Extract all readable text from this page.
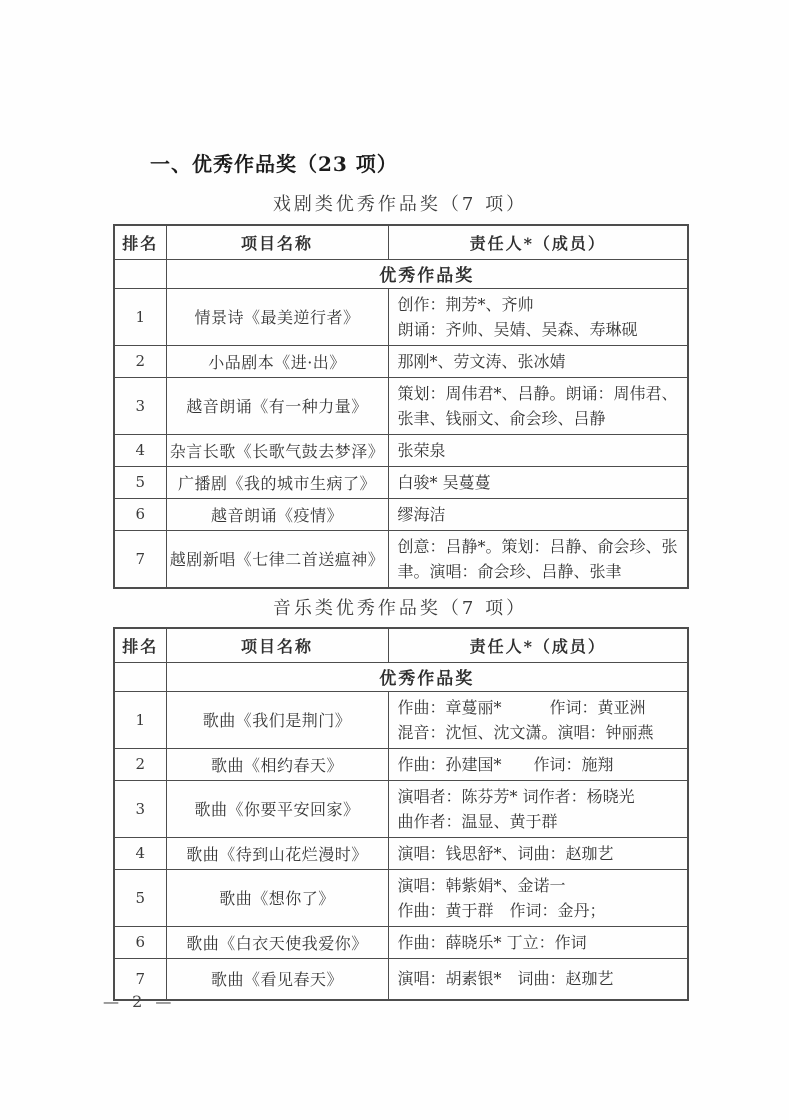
一、优秀作品奖（23 项）
戏剧类优秀作品奖（7 项）
排名	项目名称	责任人*（成员）
	优秀作品奖	
1	情景诗《最美逆行者》	创作：荆芳*、齐帅
朗诵：齐帅、吴婧、吴森、寿琳砚

2	小品剧本《进·出》	那刚*、劳文涛、张冰婧

3	越音朗诵《有一种力量》	策划：周伟君*、吕静。朗诵：周伟君、张聿、钱丽文、俞会珍、吕静

4	杂言长歌《长歌气鼓去梦泽》	张荣泉

5	广播剧《我的城市生病了》	白骏* 吴蔓蔓

6	越音朗诵《疫情》	缪海洁

7	越剧新唱《七律二首送瘟神》	创意：吕静*。策划：吕静、俞会珍、张聿。演唱：俞会珍、吕静、张聿
音乐类优秀作品奖（7 项）
排名	项目名称	责任人*（成员）
	优秀作品奖	
1	歌曲《我们是荆门》	作曲：章蔓丽*　　　作词：黄亚洲
混音：沈恒、沈文潇。演唱：钟丽燕

2	歌曲《相约春天》	作曲：孙建国*　　作词：施翔

3	歌曲《你要平安回家》	演唱者：陈芬芳* 词作者：杨晓光
曲作者：温显、黄于群

4	歌曲《待到山花烂漫时》	演唱：钱思舒*、词曲：赵珈艺

5	歌曲《想你了》	演唱：韩紫娟*、金诺一
作曲：黄于群　作词：金丹；

6	歌曲《白衣天使我爱你》	作曲：薛晓乐* 丁立：作词

7	歌曲《看见春天》	演唱：胡素银*　词曲：赵珈艺
— 2 —
